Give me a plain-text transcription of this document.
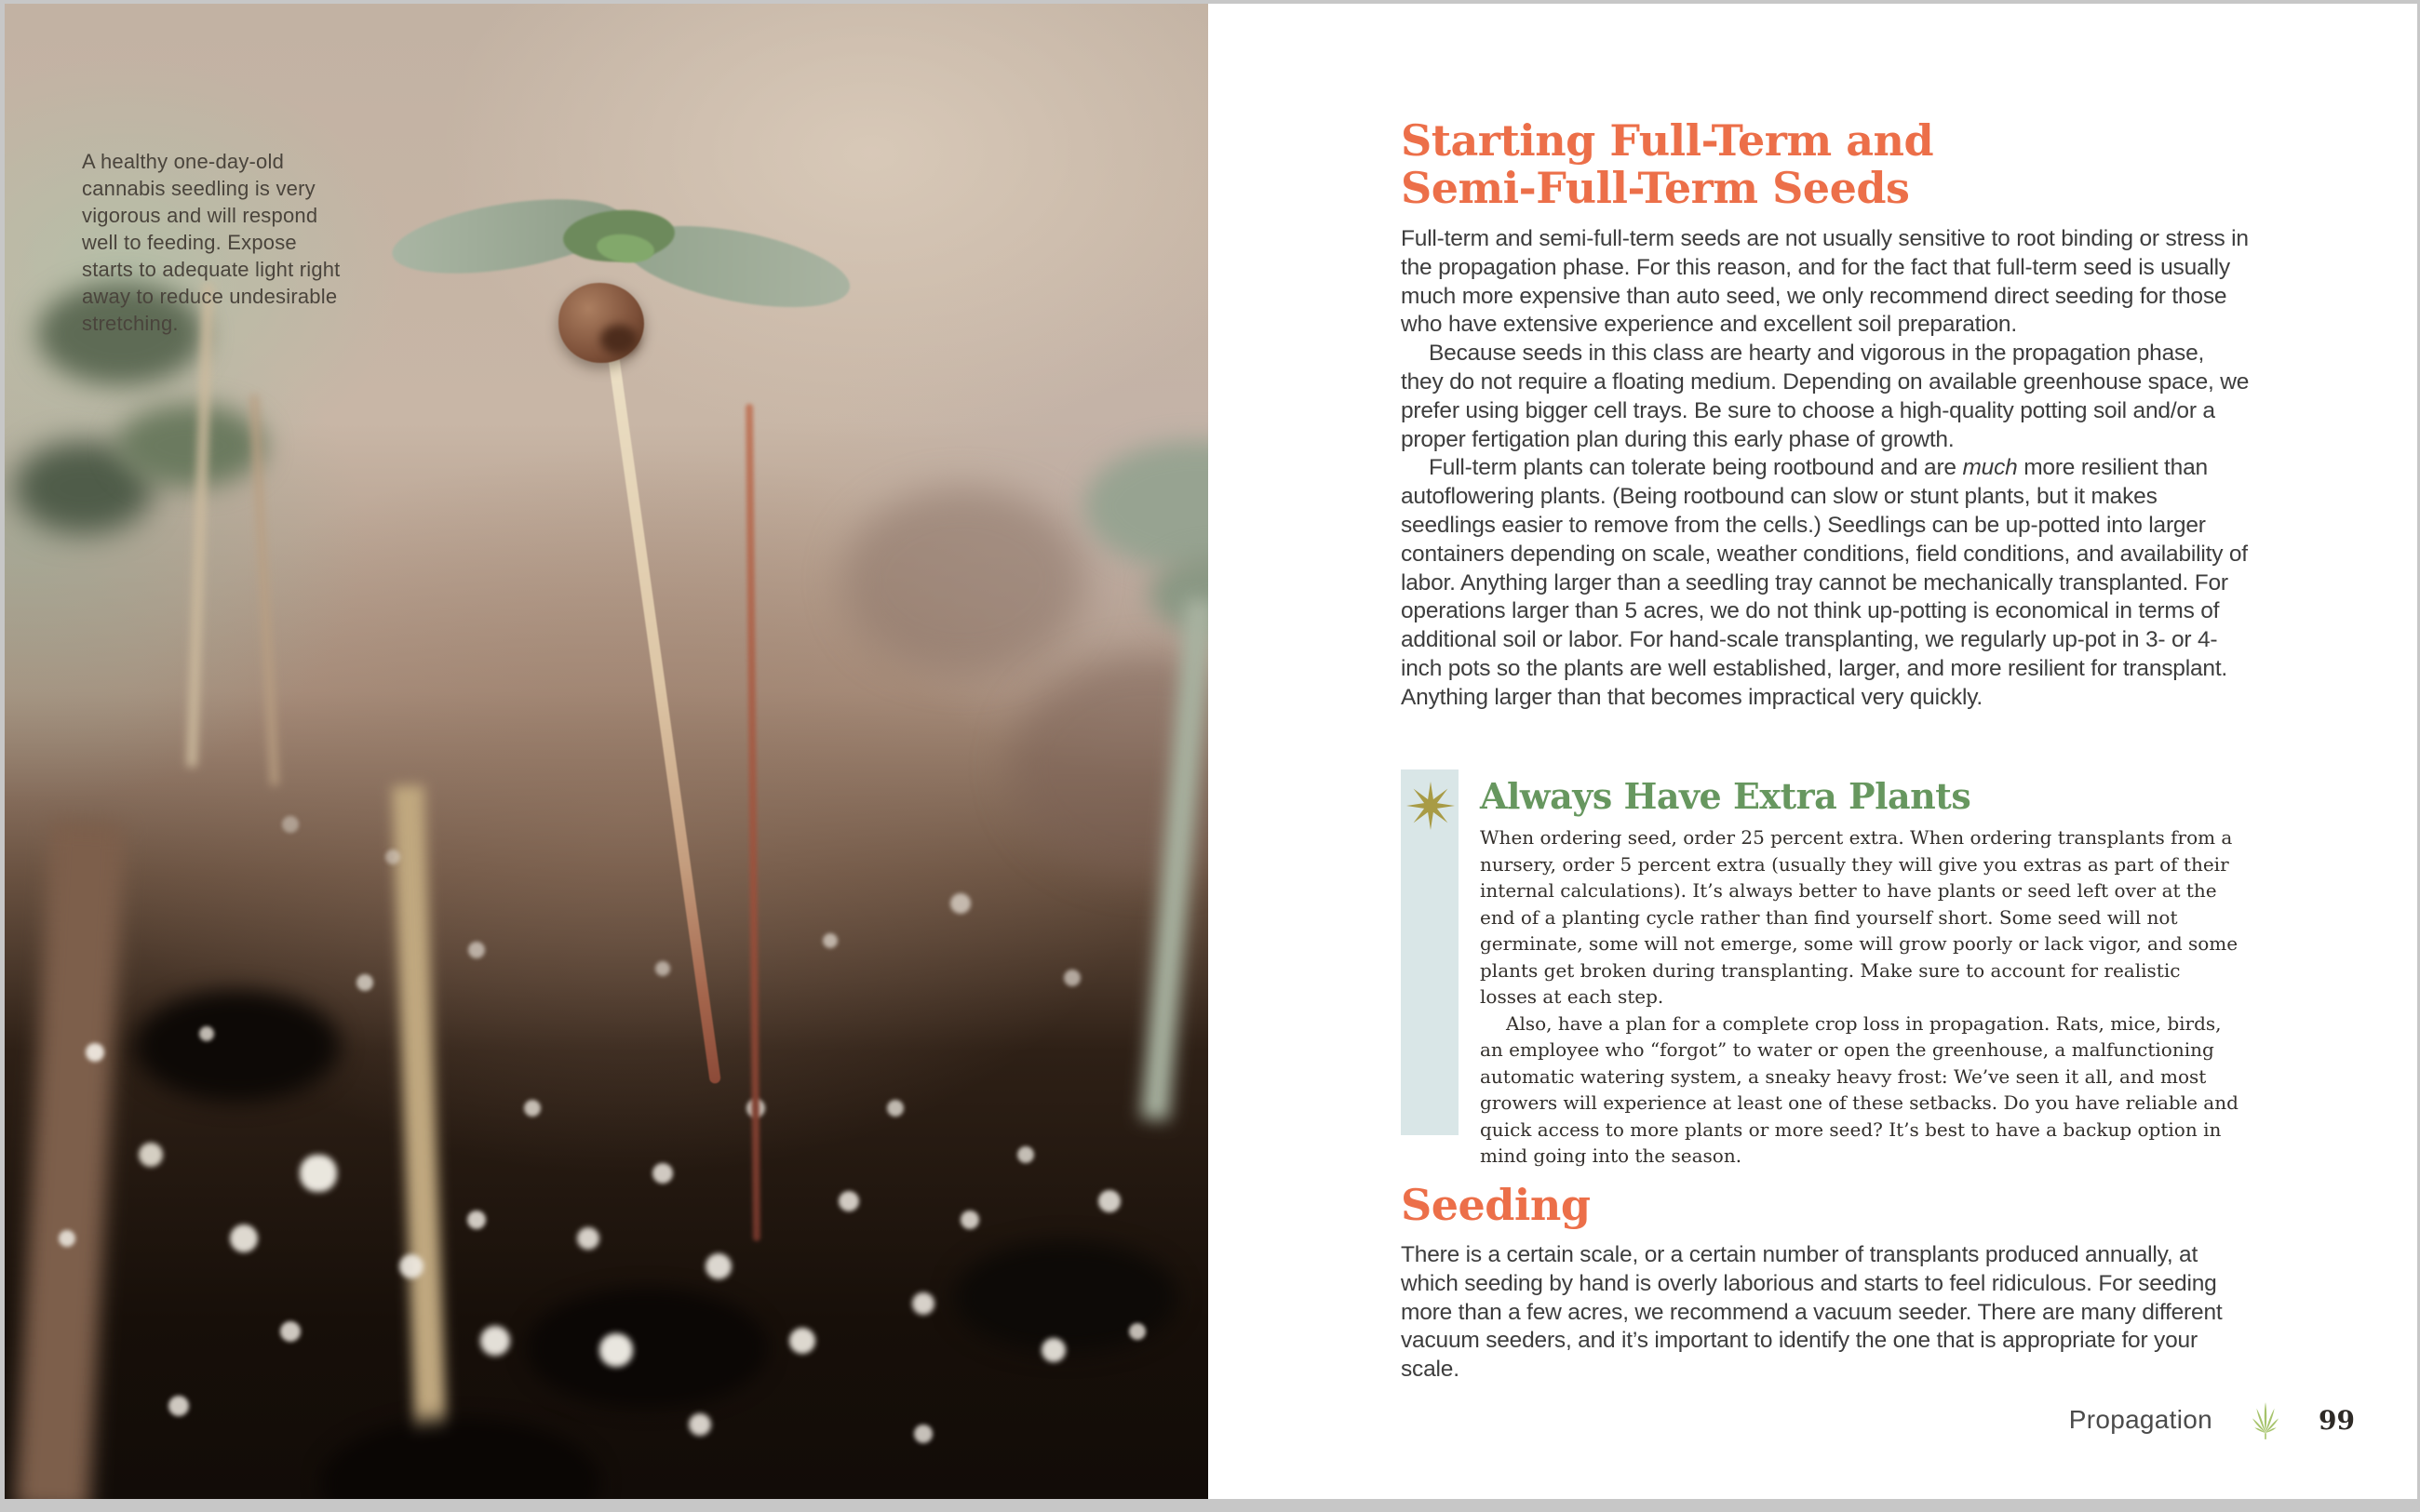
A healthy one-day-old cannabis seedling is very vigorous and will respond well to feeding. Expose starts to adequate light right away to reduce undesirable stretching.
Starting Full-Term and
Semi-Full-Term Seeds

Full-term and semi-full-term seeds are not usually sensitive to root binding or stress in the propagation phase. For this reason, and for the fact that full-term seed is usually much more expensive than auto seed, we only recommend direct seeding for those who have extensive experience and excellent soil preparation.

Because seeds in this class are hearty and vigorous in the propagation phase, they do not require a floating medium. Depending on available greenhouse space, we prefer using bigger cell trays. Be sure to choose a high-quality potting soil and/or a proper fertigation plan during this early phase of growth.

Full-term plants can tolerate being rootbound and are much more resilient than autoflowering plants. (Being rootbound can slow or stunt plants, but it makes seedlings easier to remove from the cells.) Seedlings can be up-potted into larger containers depending on scale, weather conditions, field conditions, and availability of labor. Anything larger than a seedling tray cannot be mechanically transplanted. For operations larger than 5 acres, we do not think up-potting is economical in terms of additional soil or labor. For hand-scale transplanting, we regularly up-pot in 3- or 4-inch pots so the plants are well established, larger, and more resilient for transplant. Anything larger than that becomes impractical very quickly.

Always Have Extra Plants

When ordering seed, order 25 percent extra. When ordering transplants from a nursery, order 5 percent extra (usually they will give you extras as part of their internal calculations). It’s always better to have plants or seed left over at the end of a planting cycle rather than find yourself short. Some seed will not germinate, some will not emerge, some will grow poorly or lack vigor, and some plants get broken during transplanting. Make sure to account for realistic losses at each step.

Also, have a plan for a complete crop loss in propagation. Rats, mice, birds, an employee who “forgot” to water or open the greenhouse, a malfunctioning automatic watering system, a sneaky heavy frost: We’ve seen it all, and most growers will experience at least one of these setbacks. Do you have reliable and quick access to more plants or more seed? It’s best to have a backup option in mind going into the season.

Seeding

There is a certain scale, or a certain number of transplants produced annually, at which seeding by hand is overly laborious and starts to feel ridiculous. For seeding more than a few acres, we recommend a vacuum seeder. There are many different vacuum seeders, and it’s important to identify the one that is appropriate for your scale.

Propagation	99
